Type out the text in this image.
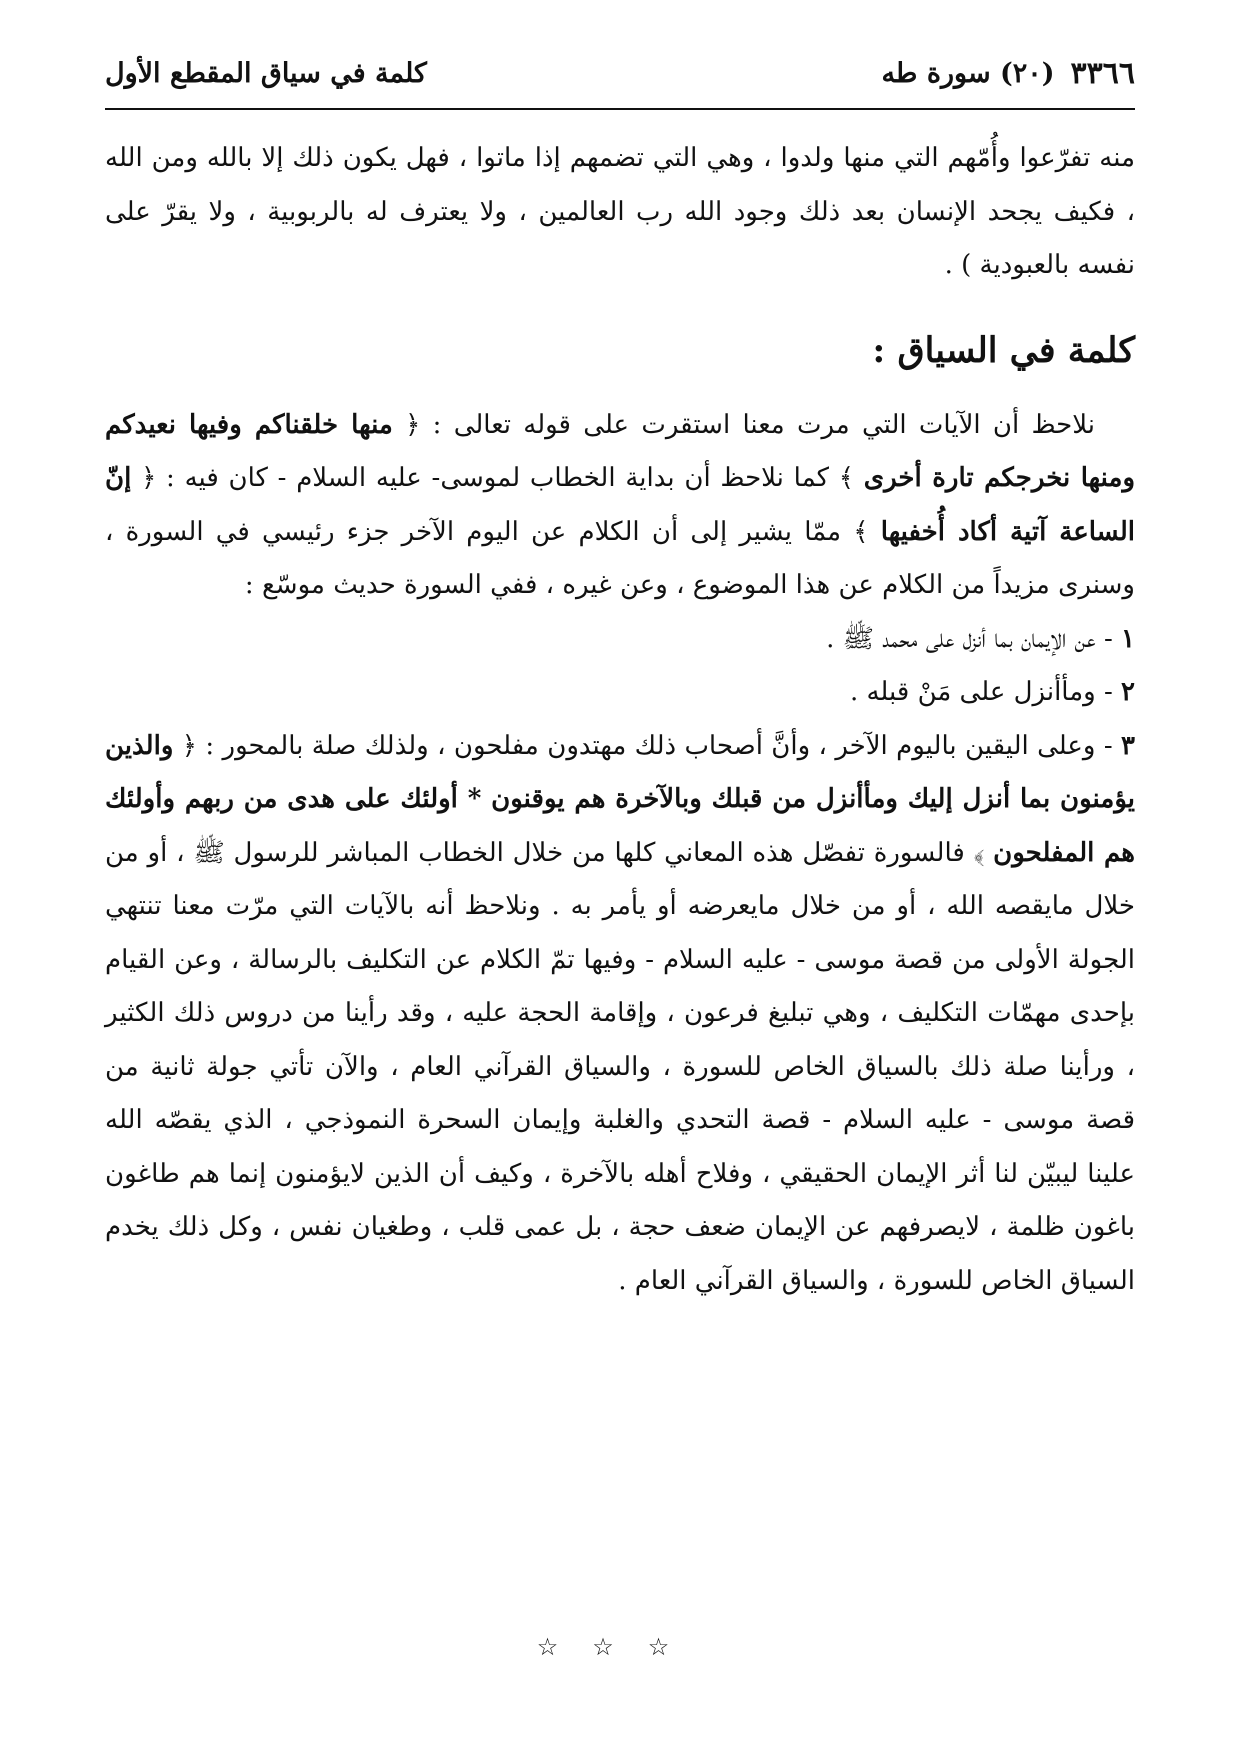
٣٣٦٦
(٢٠) سورة طه
كلمة في سياق المقطع الأول

منه تفرّعوا وأُمّهم التي منها ولدوا ، وهي التي تضمهم إذا ماتوا ، فهل يكون ذلك إلا بالله ومن الله ، فكيف يجحد الإنسان بعد ذلك وجود الله رب العالمين ، ولا يعترف له بالربوبية ، ولا يقرّ على نفسه بالعبودية ) .

كلمة في السياق :

نلاحظ أن الآيات التي مرت معنا استقرت على قوله تعالى : ﴿ منها خلقناكم وفيها نعيدكم ومنها نخرجكم تارة أخرى ﴾ كما نلاحظ أن بداية الخطاب لموسى- عليه السلام - كان فيه : ﴿ إنّ الساعة آتية أكاد أُخفيها ﴾ ممّا يشير إلى أن الكلام عن اليوم الآخر جزء رئيسي في السورة ، وسنرى مزيداً من الكلام عن هذا الموضوع ، وعن غيره ، ففي السورة حديث موسّع :

١ - عن الإيمان بما أنزل على محمد ﷺ .

٢ - ومأأنزل على مَنْ قبله .

٣ - وعلى اليقين باليوم الآخر ، وأنَّ أصحاب ذلك مهتدون مفلحون ، ولذلك صلة بالمحور : ﴿ والذين يؤمنون بما أنزل إليك ومأأنزل من قبلك وبالآخرة هم يوقنون * أولئك على هدى من ربهم وأولئك هم المفلحون ﴾ فالسورة تفصّل هذه المعاني كلها من خلال الخطاب المباشر للرسول ﷺ ، أو من خلال مايقصه الله ، أو من خلال مايعرضه أو يأمر به . ونلاحظ أنه بالآيات التي مرّت معنا تنتهي الجولة الأولى من قصة موسى - عليه السلام - وفيها تمّ الكلام عن التكليف بالرسالة ، وعن القيام بإحدى مهمّات التكليف ، وهي تبليغ فرعون ، وإقامة الحجة عليه ، وقد رأينا من دروس ذلك الكثير ، ورأينا صلة ذلك بالسياق الخاص للسورة ، والسياق القرآني العام ، والآن تأتي جولة ثانية من قصة موسى - عليه السلام - قصة التحدي والغلبة وإيمان السحرة النموذجي ، الذي يقصّه الله علينا ليبيّن لنا أثر الإيمان الحقيقي ، وفلاح أهله بالآخرة ، وكيف أن الذين لايؤمنون إنما هم طاغون باغون ظلمة ، لايصرفهم عن الإيمان ضعف حجة ، بل عمى قلب ، وطغيان نفس ، وكل ذلك يخدم السياق الخاص للسورة ، والسياق القرآني العام .

☆☆☆
